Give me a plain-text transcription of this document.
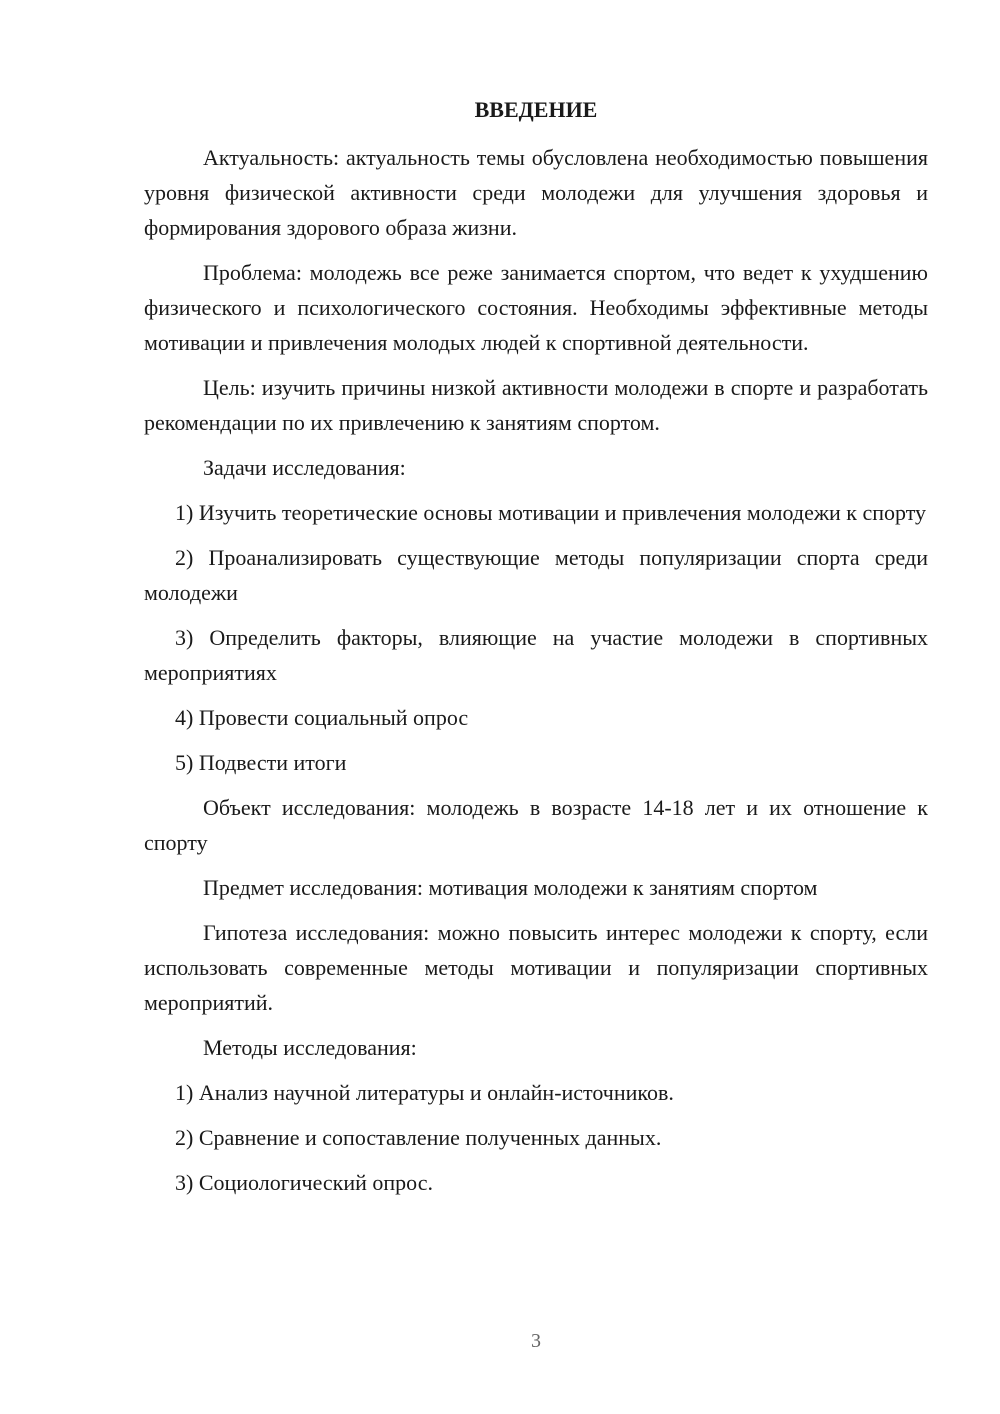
ВВЕДЕНИЕ

Актуальность: актуальность темы обусловлена необходимостью повышения уровня физической активности среди молодежи для улучшения здоровья и формирования здорового образа жизни.

Проблема: молодежь все реже занимается спортом, что ведет к ухудшению физического и психологического состояния. Необходимы эффективные методы мотивации и привлечения молодых людей к спортивной деятельности.

Цель: изучить причины низкой активности молодежи в спорте и разработать рекомендации по их привлечению к занятиям спортом.

Задачи исследования:

1) Изучить теоретические основы мотивации и привлечения молодежи к спорту

2) Проанализировать существующие методы популяризации спорта среди молодежи

3) Определить факторы, влияющие на участие молодежи в спортивных мероприятиях

4) Провести социальный опрос

5) Подвести итоги

Объект исследования: молодежь в возрасте 14-18 лет и их отношение к спорту

Предмет исследования: мотивация молодежи к занятиям спортом

Гипотеза исследования: можно повысить интерес молодежи к спорту, если использовать современные методы мотивации и популяризации спортивных мероприятий.

Методы исследования:

1) Анализ научной литературы и онлайн-источников.

2) Сравнение и сопоставление полученных данных.

3) Социологический опрос.

3
